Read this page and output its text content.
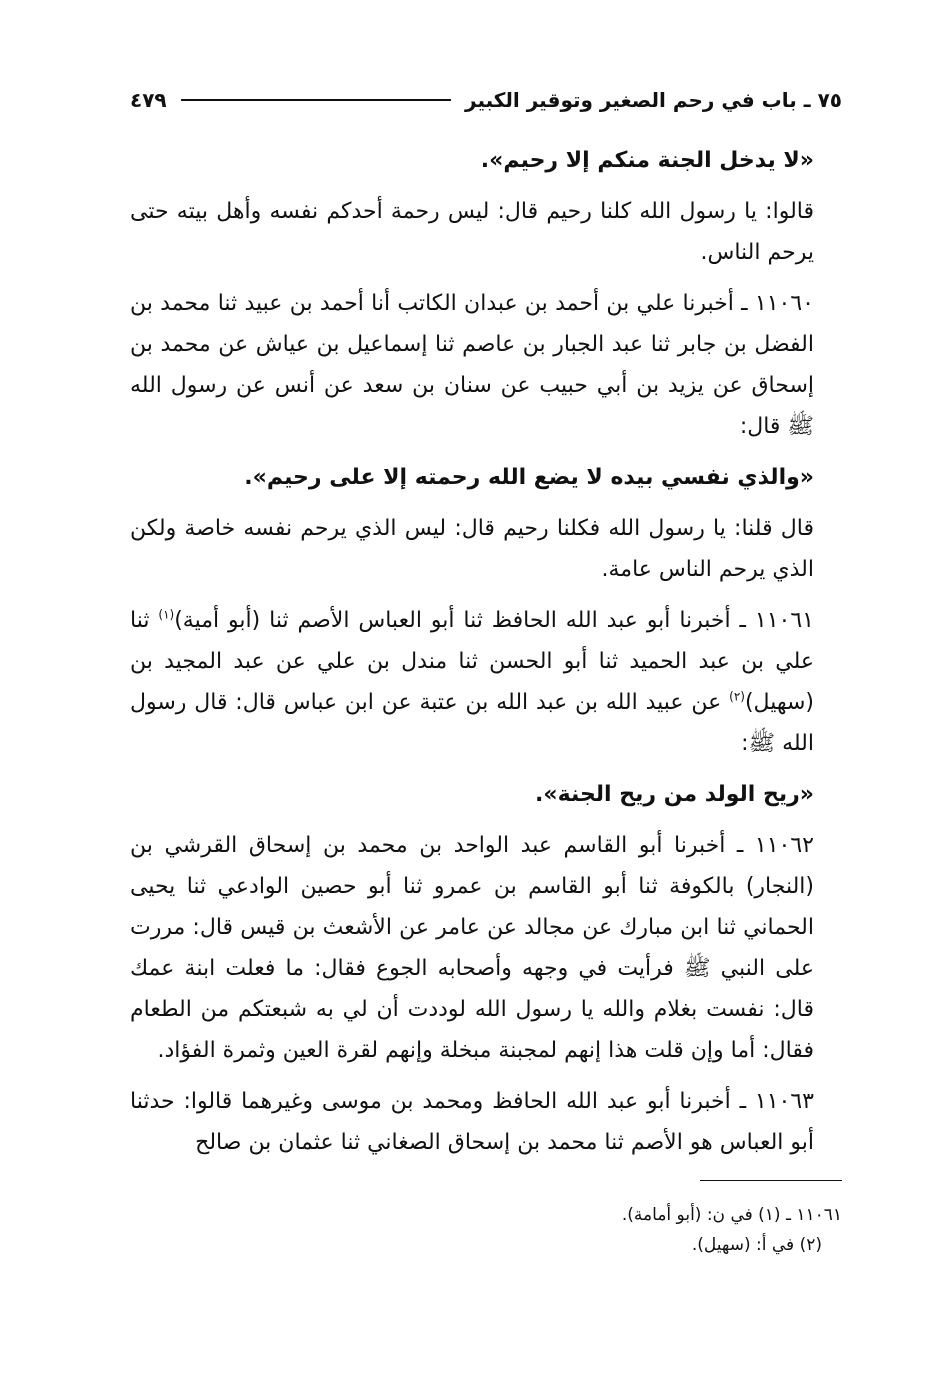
٧٥ ـ باب في رحم الصغير وتوقير الكبير
٤٧٩

«لا يدخل الجنة منكم إلا رحيم».

قالوا: يا رسول الله كلنا رحيم قال: ليس رحمة أحدكم نفسه وأهل بيته حتى يرحم الناس.

١١٠٦٠ ـ أخبرنا علي بن أحمد بن عبدان الكاتب أنا أحمد بن عبيد ثنا محمد بن الفضل بن جابر ثنا عبد الجبار بن عاصم ثنا إسماعيل بن عياش عن محمد بن إسحاق عن يزيد بن أبي حبيب عن سنان بن سعد عن أنس عن رسول الله ﷺ قال:

«والذي نفسي بيده لا يضع الله رحمته إلا على رحيم».

قال قلنا: يا رسول الله فكلنا رحيم قال: ليس الذي يرحم نفسه خاصة ولكن الذي يرحم الناس عامة.

١١٠٦١ ـ أخبرنا أبو عبد الله الحافظ ثنا أبو العباس الأصم ثنا (أبو أمية)$^{(١)}$ ثنا علي بن عبد الحميد ثنا أبو الحسن ثنا مندل بن علي عن عبد المجيد بن (سهيل)$^{(٢)}$ عن عبيد الله بن عبد الله بن عتبة عن ابن عباس قال: قال رسول الله ﷺ:

«ريح الولد من ريح الجنة».

١١٠٦٢ ـ أخبرنا أبو القاسم عبد الواحد بن محمد بن إسحاق القرشي بن (النجار) بالكوفة ثنا أبو القاسم بن عمرو ثنا أبو حصين الوادعي ثنا يحيى الحماني ثنا ابن مبارك عن مجالد عن عامر عن الأشعث بن قيس قال: مررت على النبي ﷺ فرأيت في وجهه وأصحابه الجوع فقال: ما فعلت ابنة عمك قال: نفست بغلام والله يا رسول الله لوددت أن لي به شبعتكم من الطعام فقال: أما وإن قلت هذا إنهم لمجبنة مبخلة وإنهم لقرة العين وثمرة الفؤاد.

١١٠٦٣ ـ أخبرنا أبو عبد الله الحافظ ومحمد بن موسى وغيرهما قالوا: حدثنا أبو العباس هو الأصم ثنا محمد بن إسحاق الصغاني ثنا عثمان بن صالح

١١٠٦١ ـ (١) في ن: (أبو أمامة).

(٢) في أ: (سهيل).
